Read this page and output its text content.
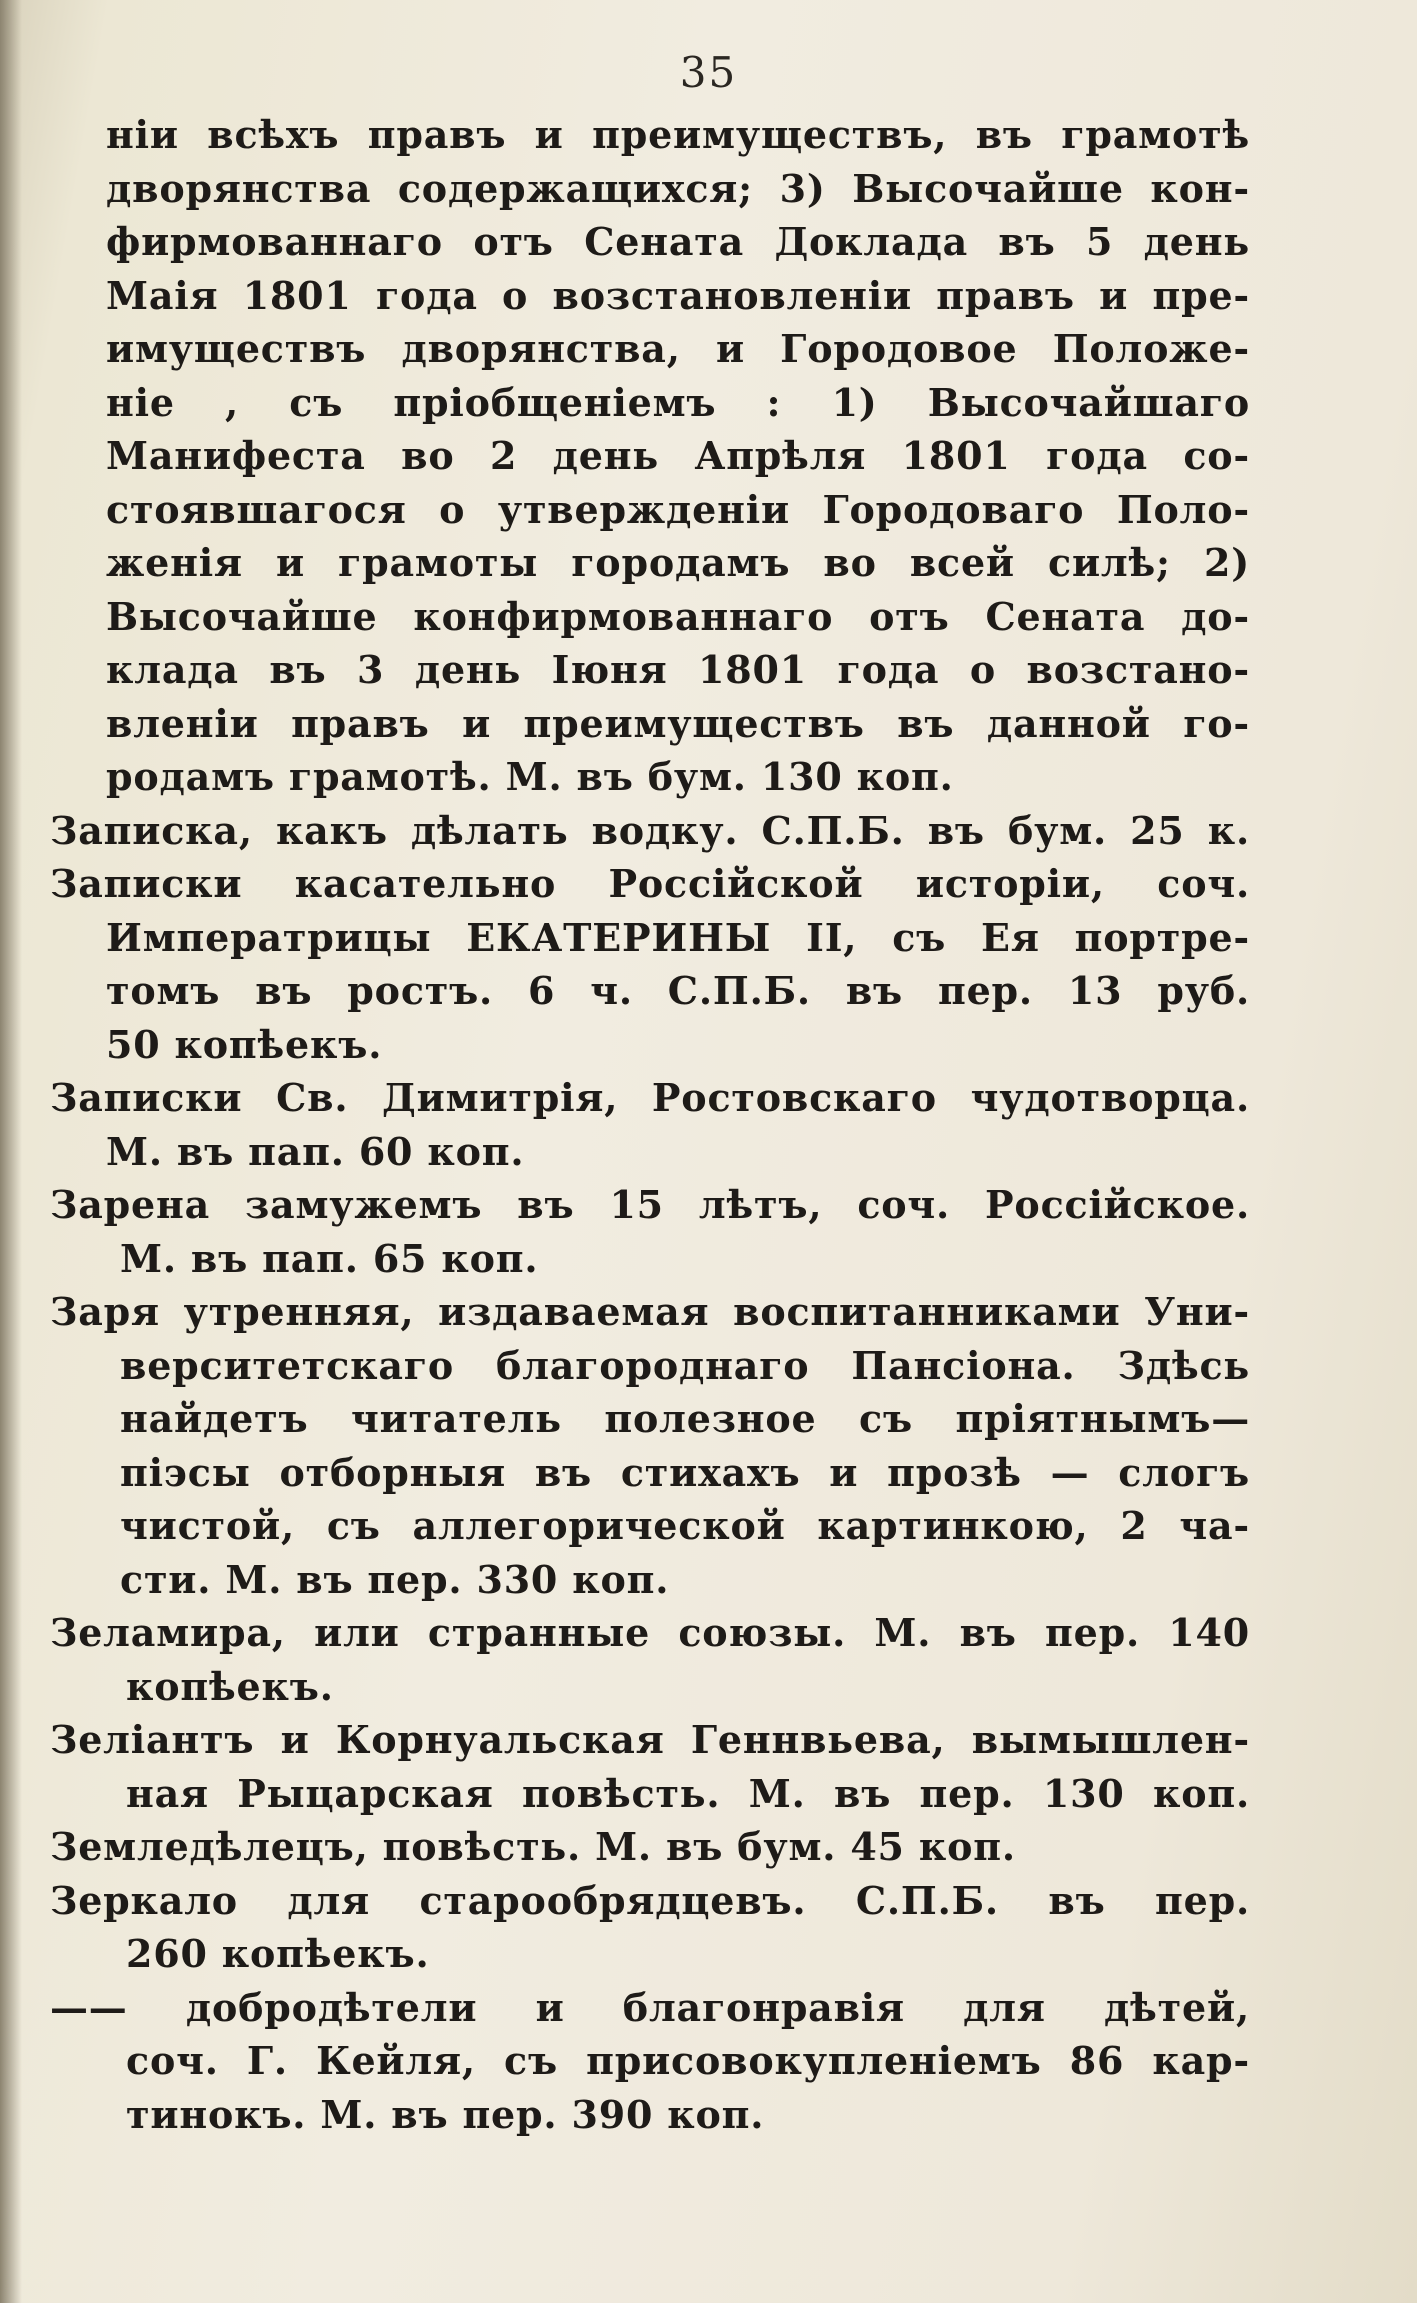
35
ніи всѣхъ правъ и преимуществъ, въ грамотѣ
дворянства содержащихся; 3) Высочайше кон-
фирмованнаго отъ Сената Доклада въ 5 день
Маія 1801 года о возстановленіи правъ и пре-
имуществъ дворянства, и Городовое Положе-
ніе , съ пріобщеніемъ : 1) Высочайшаго
Манифеста во 2 день Апрѣля 1801 года со-
стоявшагося о утвержденіи Городоваго Поло-
женія и грамоты городамъ во всей силѣ; 2)
Высочайше конфирмованнаго отъ Сената до-
клада въ 3 день Іюня 1801 года о возстано-
вленіи правъ и преимуществъ въ данной го-
родамъ грамотѣ. М. въ бум. 130 коп.
Записка, какъ дѣлать водку. С.П.Б. въ бум. 25 к.
Записки касательно Россійской исторіи, соч.
Императрицы ЕКАТЕРИНЫ II, съ Ея портре-
томъ въ ростъ. 6 ч. С.П.Б. въ пер. 13 руб.
50 копѣекъ.
Записки Св. Димитрія, Ростовскаго чудотворца.
М. въ пап. 60 коп.
Зарена замужемъ въ 15 лѣтъ, соч. Россійское.
М. въ пап. 65 коп.
Заря утренняя, издаваемая воспитанниками Уни-
верситетскаго благороднаго Пансіона. Здѣсь
найдетъ читатель полезное съ пріятнымъ—
піэсы отборныя въ стихахъ и прозѣ — слогъ
чистой, съ аллегорической картинкою, 2 ча-
сти. М. въ пер. 330 коп.
Зеламира, или странные союзы. М. въ пер. 140
копѣекъ.
Зеліантъ и Корнуальская Геннвьева, вымышлен-
ная Рыцарская повѣсть. М. въ пер. 130 коп.
Земледѣлецъ, повѣсть. М. въ бум. 45 коп.
Зеркало для старообрядцевъ. С.П.Б. въ пер.
260 копѣекъ.
—— добродѣтели и благонравія для дѣтей,
соч. Г. Кейля, съ присовокупленіемъ 86 кар-
тинокъ. М. въ пер. 390 коп.
